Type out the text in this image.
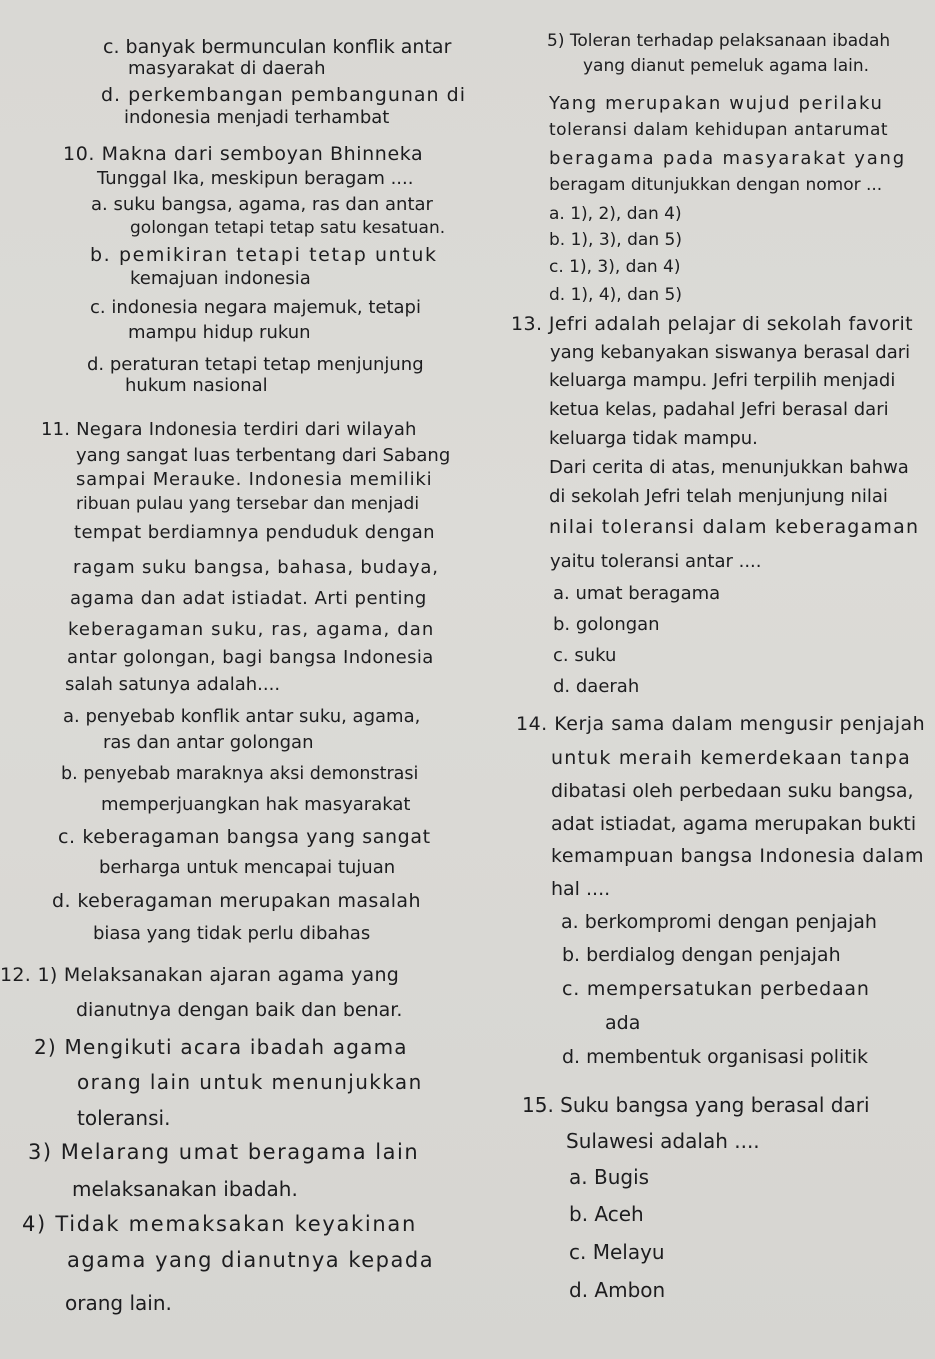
c. banyak bermunculan konflik antar
masyarakat di daerah
d. perkembangan pembangunan di
indonesia menjadi terhambat
10. Makna dari semboyan Bhinneka
Tunggal Ika, meskipun beragam ....
a. suku bangsa, agama, ras dan antar
golongan tetapi tetap satu kesatuan.
b. pemikiran tetapi tetap untuk
kemajuan indonesia
c. indonesia negara majemuk, tetapi
mampu hidup rukun
d. peraturan tetapi tetap menjunjung
hukum nasional
11. Negara Indonesia terdiri dari wilayah
yang sangat luas terbentang dari Sabang
sampai Merauke. Indonesia memiliki
ribuan pulau yang tersebar dan menjadi
tempat berdiamnya penduduk dengan
ragam suku bangsa, bahasa, budaya,
agama dan adat istiadat. Arti penting
keberagaman suku, ras, agama, dan
antar golongan, bagi bangsa Indonesia
salah satunya adalah....
a. penyebab konflik antar suku, agama,
ras dan antar golongan
b. penyebab maraknya aksi demonstrasi
memperjuangkan hak masyarakat
c. keberagaman bangsa yang sangat
berharga untuk mencapai tujuan
d. keberagaman merupakan masalah
biasa yang tidak perlu dibahas
12. 1) Melaksanakan ajaran agama yang
dianutnya dengan baik dan benar.
2) Mengikuti acara ibadah agama
orang lain untuk menunjukkan
toleransi.
3) Melarang umat beragama lain
melaksanakan ibadah.
4) Tidak memaksakan keyakinan
agama yang dianutnya kepada
orang lain.
5) Toleran terhadap pelaksanaan ibadah
yang dianut pemeluk agama lain.
Yang merupakan wujud perilaku
toleransi dalam kehidupan antarumat
beragama pada masyarakat yang
beragam ditunjukkan dengan nomor ...
a. 1), 2), dan 4)
b. 1), 3), dan 5)
c. 1), 3), dan 4)
d. 1), 4), dan 5)
13. Jefri adalah pelajar di sekolah favorit
yang kebanyakan siswanya berasal dari
keluarga mampu. Jefri terpilih menjadi
ketua kelas, padahal Jefri berasal dari
keluarga tidak mampu.
Dari cerita di atas, menunjukkan bahwa
di sekolah Jefri telah menjunjung nilai
nilai toleransi dalam keberagaman
yaitu toleransi antar ....
a. umat beragama
b. golongan
c. suku
d. daerah
14. Kerja sama dalam mengusir penjajah
untuk meraih kemerdekaan tanpa
dibatasi oleh perbedaan suku bangsa,
adat istiadat, agama merupakan bukti
kemampuan bangsa Indonesia dalam
hal ....
a. berkompromi dengan penjajah
b. berdialog dengan penjajah
c. mempersatukan perbedaan
ada
d. membentuk organisasi politik
15. Suku bangsa yang berasal dari
Sulawesi adalah ....
a. Bugis
b. Aceh
c. Melayu
d. Ambon
